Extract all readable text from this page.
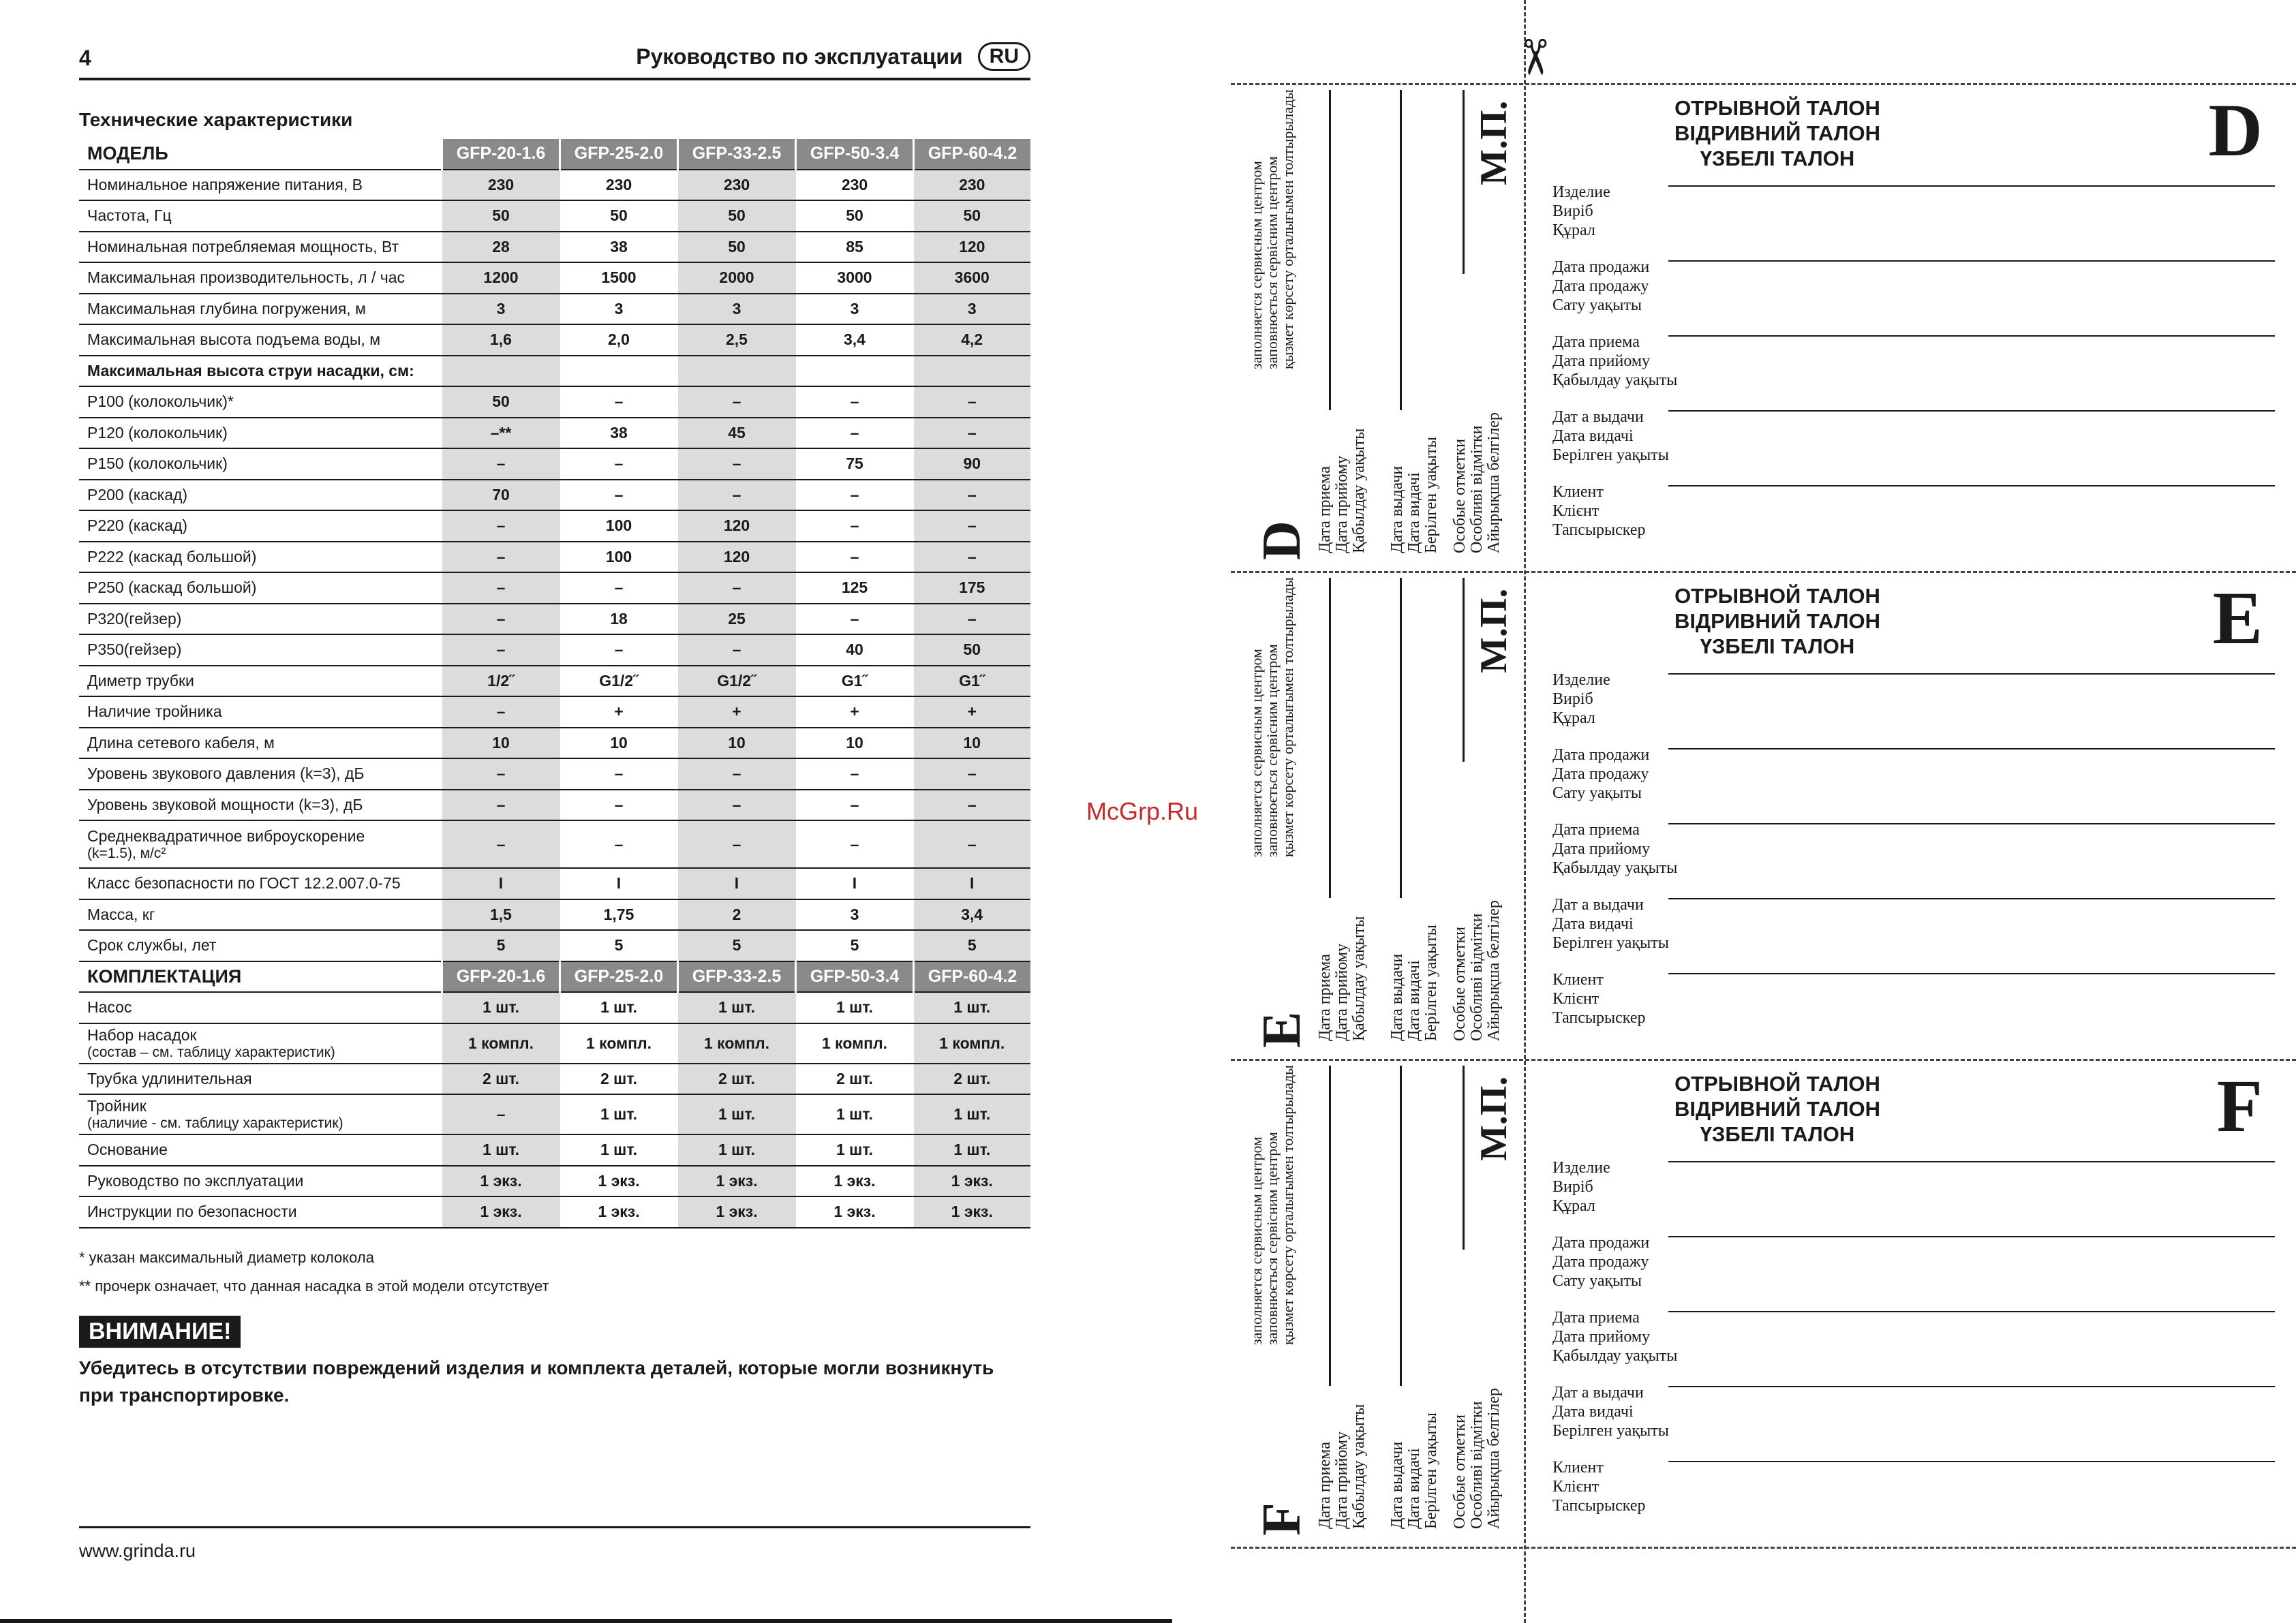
4	Руководство по эксплуатации	RU
Технические характеристики
МОДЕЛЬ	GFP-20-1.6	GFP-25-2.0	GFP-33-2.5	GFP-50-3.4	GFP-60-4.2

Номинальное напряжение питания, В	230	230	230	230	230

Частота, Гц	50	50	50	50	50

Номинальная потребляемая мощность, Вт	28	38	50	85	120

Максимальная производительность, л / час	1200	1500	2000	3000	3600

Максимальная глубина погружения, м	3	3	3	3	3

Максимальная высота подъема воды, м	1,6	2,0	2,5	3,4	4,2

Максимальная высота струи насадки, см:					

P100 (колокольчик)*	50	–	–	–	–

P120 (колокольчик)	–**	38	45	–	–

P150 (колокольчик)	–	–	–	75	90

P200 (каскад)	70	–	–	–	–

P220 (каскад)	–	100	120	–	–

P222 (каскад большой)	–	100	120	–	–

P250 (каскад большой)	–	–	–	125	175

P320(гейзер)	–	18	25	–	–

P350(гейзер)	–	–	–	40	50

Диметр трубки	1/2˝	G1/2˝	G1/2˝	G1˝	G1˝

Наличие тройника	–	+	+	+	+

Длина сетевого кабеля, м	10	10	10	10	10

Уровень звукового давления (k=3), дБ	–	–	–	–	–

Уровень звуковой мощности (k=3), дБ	–	–	–	–	–

Среднеквадратичное виброускорение
(k=1.5), м/с²	–	–	–	–	–

Класс безопасности по ГОСТ 12.2.007.0-75	I	I	I	I	I

Масса, кг	1,5	1,75	2	3	3,4

Срок службы, лет	5	5	5	5	5
КОМПЛЕКТАЦИЯ	GFP-20-1.6	GFP-25-2.0	GFP-33-2.5	GFP-50-3.4	GFP-60-4.2

Насос	1 шт.	1 шт.	1 шт.	1 шт.	1 шт.

Набор насадок
(состав – см. таблицу характеристик)	1 компл.	1 компл.	1 компл.	1 компл.	1 компл.

Трубка удлинительная	2 шт.	2 шт.	2 шт.	2 шт.	2 шт.

Тройник
(наличие - см. таблицу характеристик)	–	1 шт.	1 шт.	1 шт.	1 шт.

Основание	1 шт.	1 шт.	1 шт.	1 шт.	1 шт.

Руководство по эксплуатации	1 экз.	1 экз.	1 экз.	1 экз.	1 экз.

Инструкции по безопасности	1 экз.	1 экз.	1 экз.	1 экз.	1 экз.
* указан максимальный диаметр колокола
** прочерк означает, что данная насадка в этой модели отсутствует
ВНИМАНИЕ!
Убедитесь в отсутствии повреждений изделия и комплекта деталей, которые могли возникнуть при транспортировке.
www.grinda.ru
McGrp.Ru
✂
D Дата приема Дата прийому Қабылдау уақыты Дата выдачи Дата видачі Берілген уақыты Особые отметки Особливі відмітки Айырықша белгілер
М.П.
заполняется сервисным центром
заповнюється сервісним центром
қызмет көрсету орталығымен толтырылады	ОТРЫВНОЙ ТАЛОН
ВІДРИВНИЙ ТАЛОН
ҮЗБЕЛІ ТАЛОН	D
Изделие
Виріб
Құрал
Дата продажи
Дата продажу
Сату уақыты
Дата приема
Дата прийому
Қабылдау уақыты
Дат а выдачи
Дата видачі
Берілген уақыты
Клиент
Клієнт
Тапсырыскер
E Дата приема Дата прийому Қабылдау уақыты Дата выдачи Дата видачі Берілген уақыты Особые отметки Особливі відмітки Айырықша белгілер
М.П.
заполняется сервисным центром
заповнюється сервісним центром
қызмет көрсету орталығымен толтырылады	ОТРЫВНОЙ ТАЛОН
ВІДРИВНИЙ ТАЛОН
ҮЗБЕЛІ ТАЛОН	E
Изделие
Виріб
Құрал
Дата продажи
Дата продажу
Сату уақыты
Дата приема
Дата прийому
Қабылдау уақыты
Дат а выдачи
Дата видачі
Берілген уақыты
Клиент
Клієнт
Тапсырыскер
F Дата приема Дата прийому Қабылдау уақыты Дата выдачи Дата видачі Берілген уақыты Особые отметки Особливі відмітки Айырықша белгілер
М.П.
заполняется сервисным центром
заповнюється сервісним центром
қызмет көрсету орталығымен толтырылады	ОТРЫВНОЙ ТАЛОН
ВІДРИВНИЙ ТАЛОН
ҮЗБЕЛІ ТАЛОН	F
Изделие
Виріб
Құрал
Дата продажи
Дата продажу
Сату уақыты
Дата приема
Дата прийому
Қабылдау уақыты
Дат а выдачи
Дата видачі
Берілген уақыты
Клиент
Клієнт
Тапсырыскер
